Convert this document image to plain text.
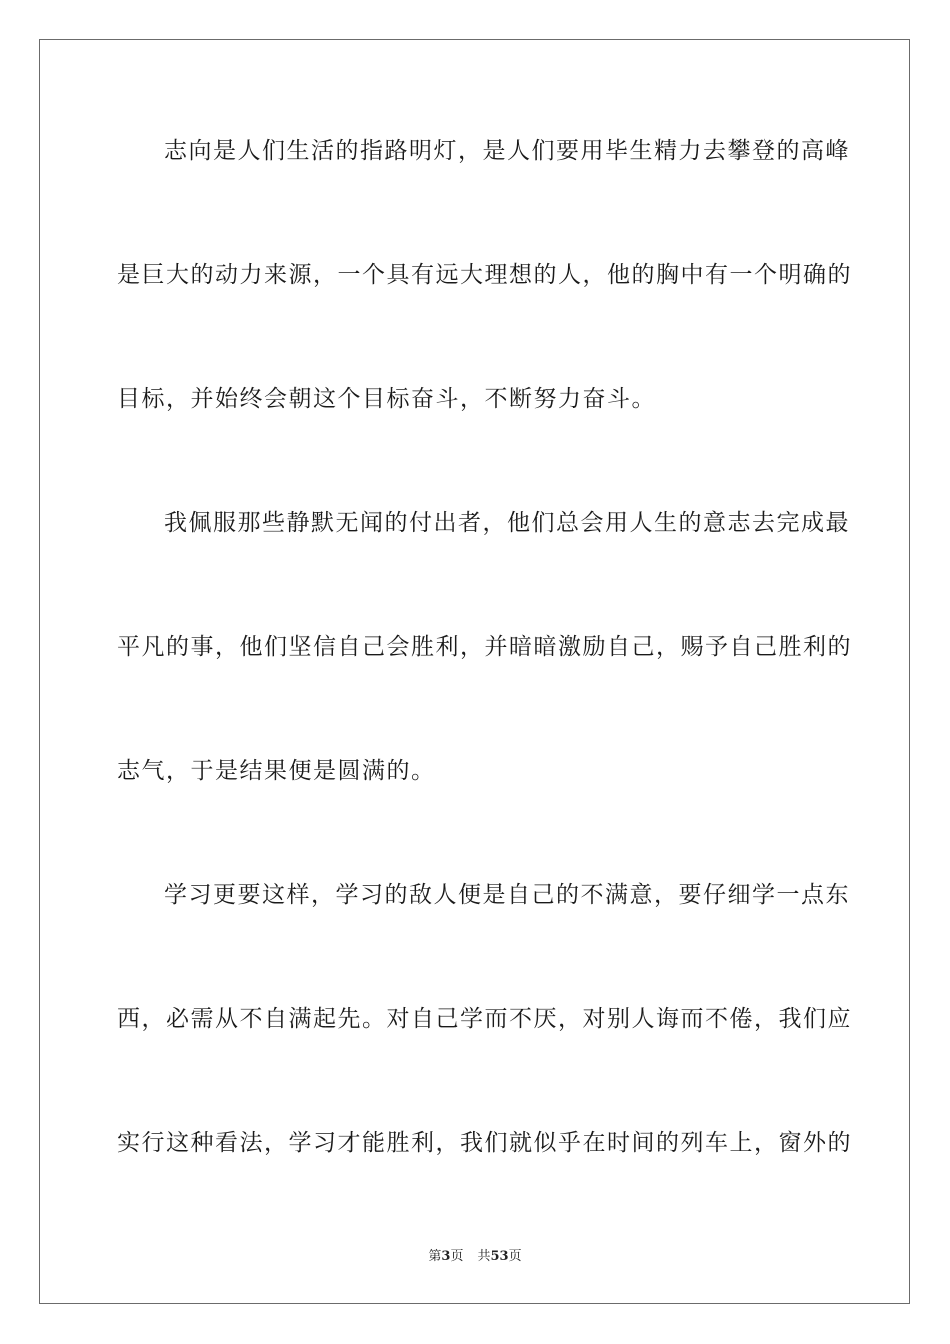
志向是人们生活的指路明灯，是人们要用毕生精力去攀登的高峰
是巨大的动力来源，一个具有远大理想的人，他的胸中有一个明确的
目标，并始终会朝这个目标奋斗，不断努力奋斗。
我佩服那些静默无闻的付出者，他们总会用人生的意志去完成最
平凡的事，他们坚信自己会胜利，并暗暗激励自己，赐予自己胜利的
志气，于是结果便是圆满的。
学习更要这样，学习的敌人便是自己的不满意，要仔细学一点东
西，必需从不自满起先。对自己学而不厌，对别人诲而不倦，我们应
实行这种看法，学习才能胜利，我们就似乎在时间的列车上，窗外的
第3页 共53页
